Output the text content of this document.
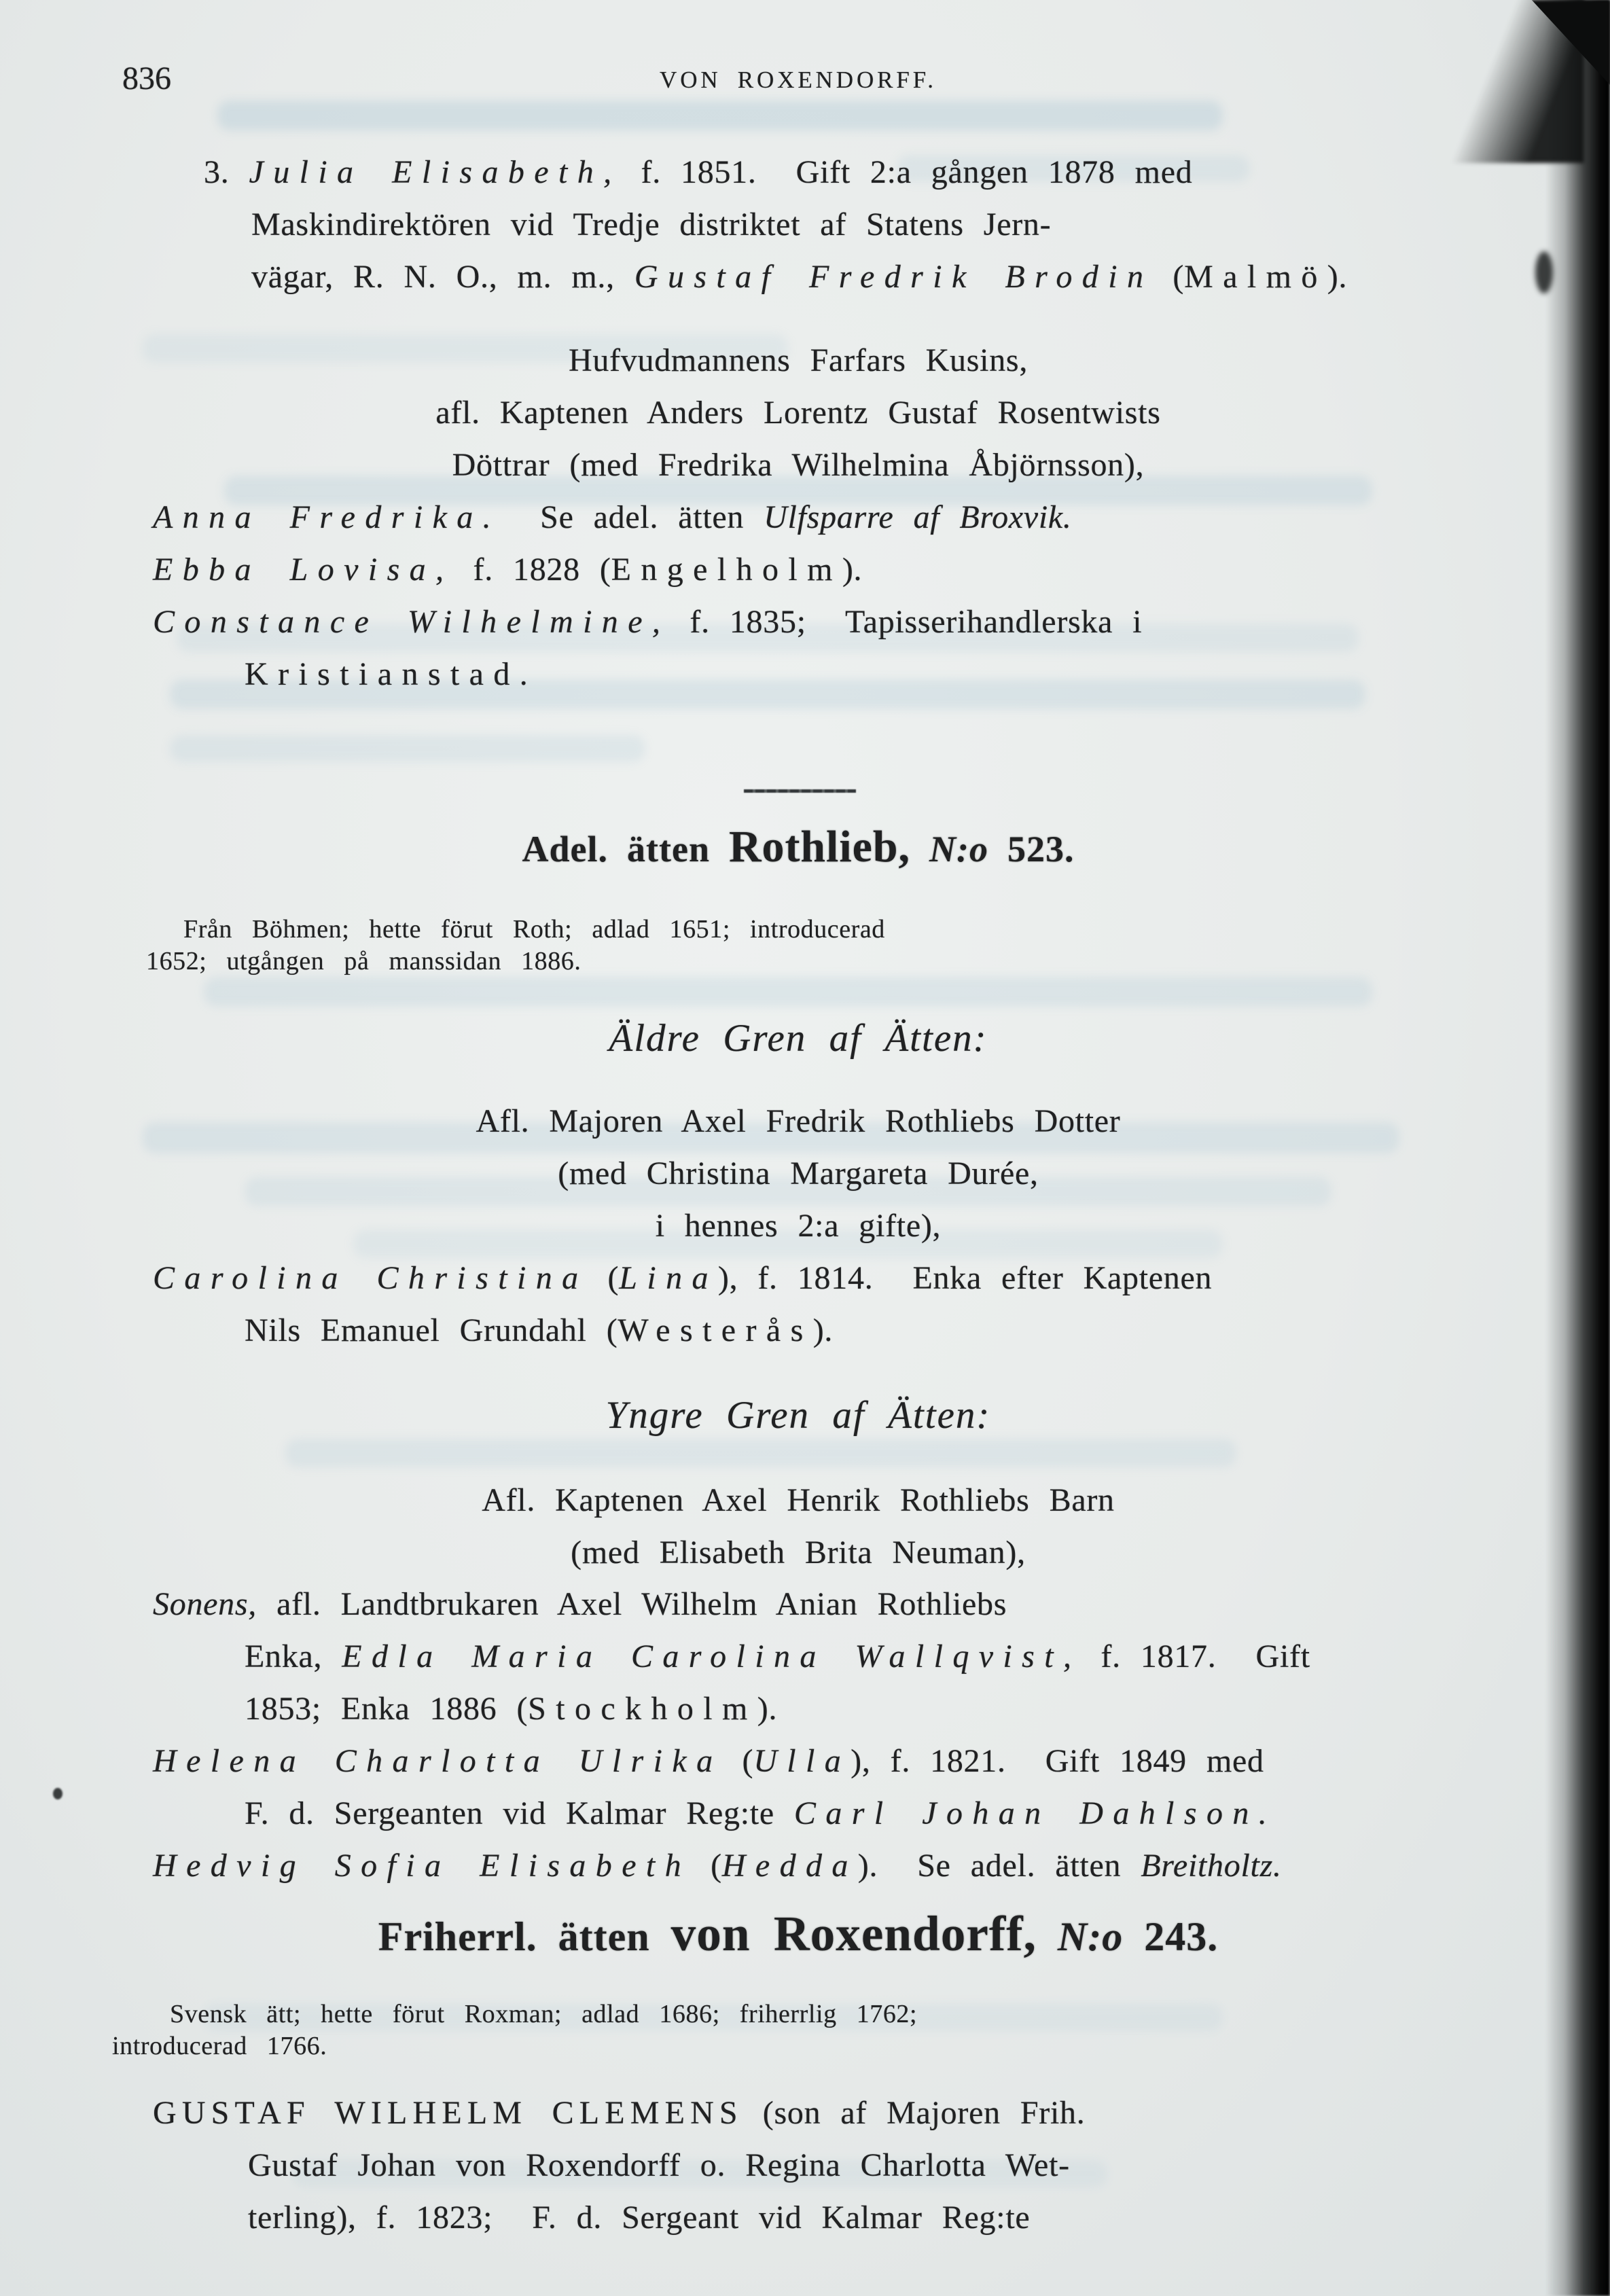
836	VON ROXENDORFF.

3. Julia Elisabeth, f. 1851.  Gift 2:a gången 1878 med
Maskindirektören vid Tredje distriktet af Statens Jern-
vägar, R. N. O., m. m., Gustaf Fredrik Brodin (Malmö).

Hufvudmannens Farfars Kusins,
afl. Kaptenen Anders Lorentz Gustaf Rosentwists
Döttrar (med Fredrika Wilhelmina Åbjörnsson),

Anna Fredrika.  Se adel. ätten Ulfsparre af Broxvik.

Ebba Lovisa, f. 1828 (Engelholm).

Constance Wilhelmine, f. 1835;  Tapisserihandlerska i
Kristianstad.

Adel. ätten Rothlieb, N:o 523.

Från Böhmen; hette förut Roth; adlad 1651; introducerad
1652; utgången på manssidan 1886.

Äldre Gren af Ätten:

Afl. Majoren Axel Fredrik Rothliebs Dotter
(med Christina Margareta Durée,
i hennes 2:a gifte),

Carolina Christina (Lina), f. 1814.  Enka efter Kaptenen
Nils Emanuel Grundahl (Westerås).

Yngre Gren af Ätten:

Afl. Kaptenen Axel Henrik Rothliebs Barn
(med Elisabeth Brita Neuman),

Sonens, afl. Landtbrukaren Axel Wilhelm Anian Rothliebs
Enka, Edla Maria Carolina Wallqvist, f. 1817.  Gift
1853; Enka 1886 (Stockholm).

Helena Charlotta Ulrika (Ulla), f. 1821.  Gift 1849 med
F. d. Sergeanten vid Kalmar Reg:te Carl Johan Dahlson.

Hedvig Sofia Elisabeth (Hedda).  Se adel. ätten Breitholtz.

Friherrl. ätten von Roxendorff, N:o 243.

Svensk ätt; hette förut Roxman; adlad 1686; friherrlig 1762;
introducerad 1766.

GUSTAF WILHELM CLEMENS (son af Majoren Frih.
Gustaf Johan von Roxendorff o. Regina Charlotta Wet-
terling), f. 1823;  F. d. Sergeant vid Kalmar Reg:te
